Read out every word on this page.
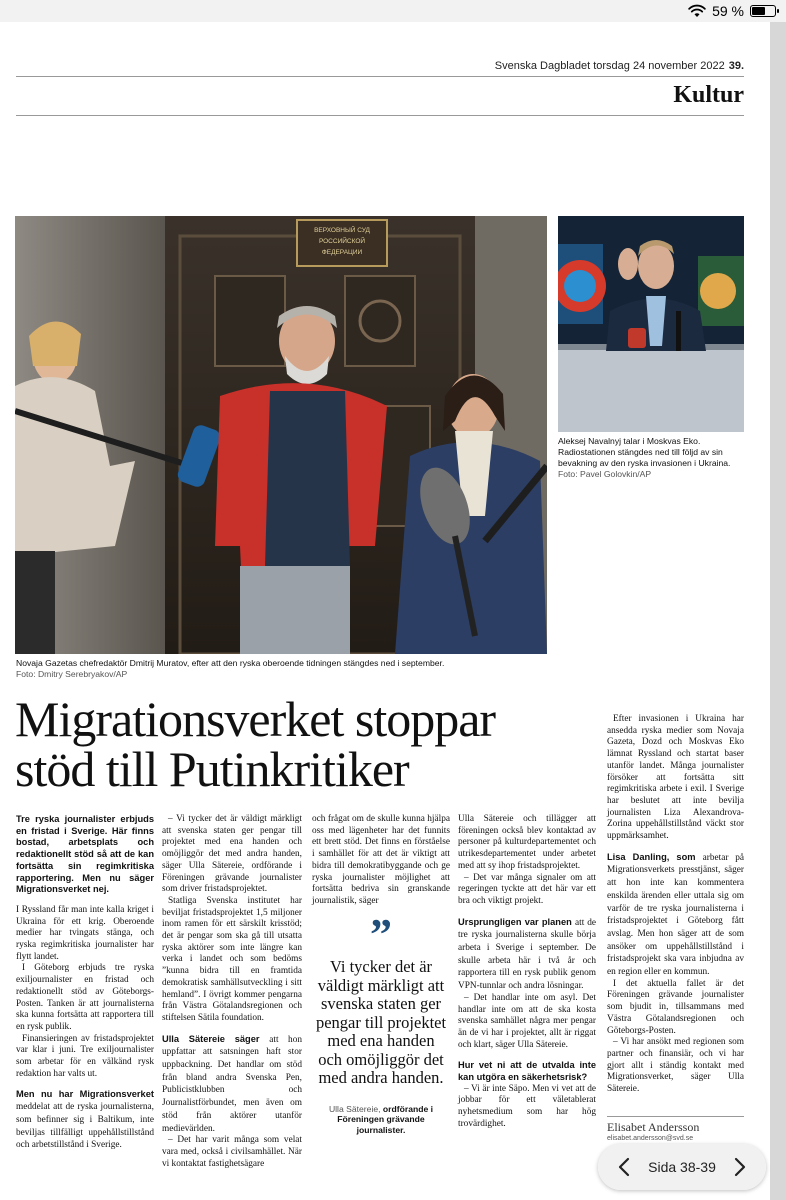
59 %
Svenska Dagbladet torsdag 24 november 2022 39.
Kultur
ВЕРХОВНЫЙ СУД
РОССИЙСКОЙ
ФЕДЕРАЦИИ
Novaja Gazetas chefredaktör Dmitrij Muratov, efter att den ryska oberoende tidningen stängdes ned i september.
Foto: Dmitry Serebryakov/AP
Aleksej Navalnyj talar i Moskvas Eko. Radiostationen stängdes ned till följd av sin bevakning av den ryska invasionen i Ukraina.
Foto: Pavel Golovkin/AP
Migrationsverket stoppar
stöd till Putinkritiker

Tre ryska journalister erbjuds en fristad i Sverige. Här finns bostad, arbetsplats och redaktionellt stöd så att de kan fortsätta sin regimkritiska rapportering. Men nu säger Migrationsverket nej.

I Ryssland får man inte kalla kriget i Ukraina för ett krig. Oberoende medier har tvingats stänga, och ryska regimkritiska journalister har flytt landet.

I Göteborg erbjuds tre ryska exiljournalister en fristad och redaktionellt stöd av Göteborgs-Posten. Tanken är att journalisterna ska kunna fortsätta att rapportera till en rysk publik.

Finansieringen av fristadsprojektet var klar i juni. Tre exiljournalister som arbetar för en välkänd rysk redaktion har valts ut.

Men nu har Migrationsverket meddelat att de ryska journalisterna, som befinner sig i Baltikum, inte beviljas tillfälligt uppehållstillstånd och arbetstillstånd i Sverige.

– Vi tycker det är väldigt märkligt att svenska staten ger pengar till projektet med ena handen och omöjliggör det med andra handen, säger Ulla Sätereie, ordförande i Föreningen grävande journalister som driver fristadsprojektet.

Statliga Svenska institutet har beviljat fristadsprojektet 1,5 miljoner inom ramen för ett särskilt krisstöd; det är pengar som ska gå till utsatta ryska aktörer som inte längre kan verka i landet och som bedöms ”kunna bidra till en framtida demokratisk samhällsutveckling i sitt hemland”. I övrigt kommer pengarna från Västra Götalandsregionen och stiftelsen Sätila foundation.

Ulla Sätereie säger att hon uppfattar att satsningen haft stor uppbackning. Det handlar om stöd från bland andra Svenska Pen, Publicistklubben och Journalistförbundet, men även om stöd från aktörer utanför medievärlden.

– Det har varit många som velat vara med, också i civilsamhället. När vi kontaktat fastighetsägare

och frågat om de skulle kunna hjälpa oss med lägenheter har det funnits ett brett stöd. Det finns en förståelse i samhället för att det är viktigt att bidra till demokratibyggande och ge ryska journalister möjlighet att fortsätta bedriva sin granskande journalistik, säger

”
Vi tycker det är väldigt märkligt att svenska staten ger pengar till projektet med ena handen och omöjliggör det med andra handen.
Ulla Sätereie, ordförande i Föreningen grävande journalister.

Ulla Sätereie och tillägger att föreningen också blev kontaktad av personer på kulturdepartementet och utrikesdepartementet under arbetet med att sy ihop fristadsprojektet.

– Det var många signaler om att regeringen tyckte att det här var ett bra och viktigt projekt.

Ursprungligen var planen att de tre ryska journalisterna skulle börja arbeta i Sverige i september. De skulle arbeta här i två år och rapportera till en rysk publik genom VPN-tunnlar och andra lösningar.

– Det handlar inte om asyl. Det handlar inte om att de ska kosta svenska samhället några mer pengar än de vi har i projektet, allt är riggat och klart, säger Ulla Sätereie.

Hur vet ni att de utvalda inte kan utgöra en säkerhetsrisk?

– Vi är inte Säpo. Men vi vet att de jobbar för ett väletablerat nyhetsmedium som har hög trovärdighet.

Efter invasionen i Ukraina har ansedda ryska medier som Novaja Gazeta, Dozd och Moskvas Eko lämnat Ryssland och startat baser utanför landet. Många journalister försöker att fortsätta sitt regimkritiska arbete i exil. I Sverige har beslutet att inte bevilja journalisten Liza Alexandrova-Zorina uppehållstillstånd väckt stor uppmärksamhet.

Lisa Danling, som arbetar på Migrationsverkets presstjänst, säger att hon inte kan kommentera enskilda ärenden eller uttala sig om varför de tre ryska journalisterna i fristadsprojektet i Göteborg fått avslag. Men hon säger att de som ansöker om uppehållstillstånd i fristadsprojekt ska vara inbjudna av en region eller en kommun.

I det aktuella fallet är det Föreningen grävande journalister som bjudit in, tillsammans med Västra Götalandsregionen och Göteborgs-Posten.

– Vi har ansökt med regionen som partner och finansiär, och vi har gjort allt i ständig kontakt med Migrationsverket, säger Ulla Sätereie.

Elisabet Andersson
elisabet.andersson@svd.se
Sida 38-39
